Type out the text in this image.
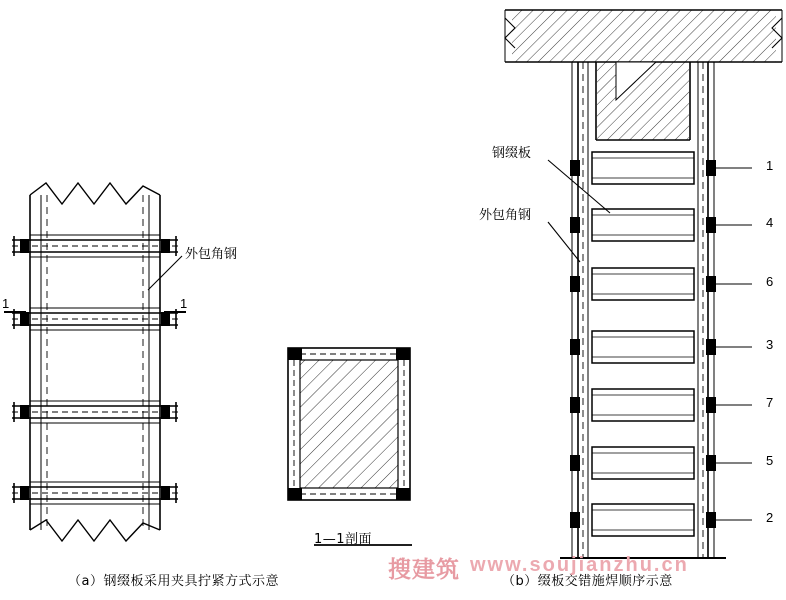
外包角钢
1	1
1—1剖面
钢缀板
外包角钢
1
4
6
3
7
5
2
（a）钢缀板采用夹具拧紧方式示意	（b）缀板交错施焊顺序示意
搜建筑 www.soujianzhu.cn
